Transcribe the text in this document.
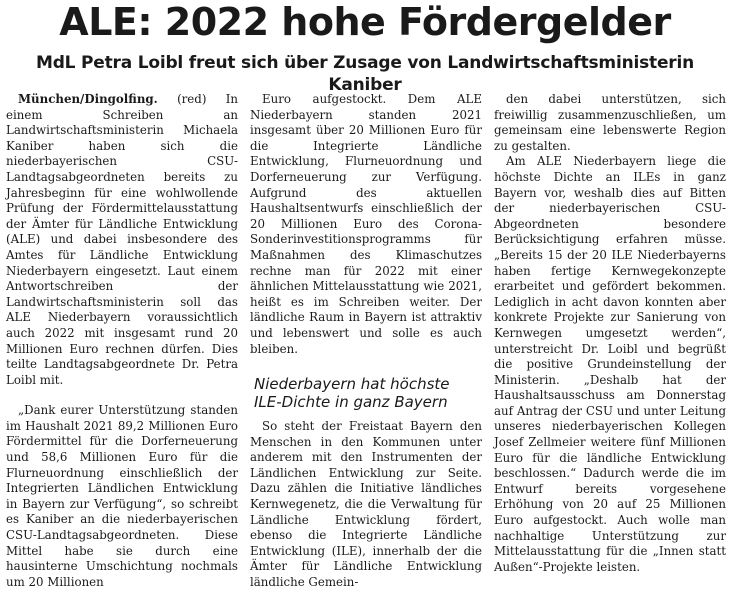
ALE: 2022 hohe Fördergelder
MdL Petra Loibl freut sich über Zusage von Landwirtschaftsministerin Kaniber

München/Dingolfing. (red) In einem Schreiben an Landwirtschaftsministerin Michaela Kaniber haben sich die niederbayerischen CSU-Landtagsabgeordneten bereits zu Jahresbeginn für eine wohlwollende Prüfung der Fördermittelausstattung der Ämter für Ländliche Entwicklung (ALE) und dabei insbesondere des Amtes für Ländliche Entwicklung Niederbayern eingesetzt. Laut einem Antwortschreiben der Landwirtschaftsministerin soll das ALE Niederbayern voraussichtlich auch 2022 mit insgesamt rund 20 Millionen Euro rechnen dürfen. Dies teilte Landtagsabgeordnete Dr. Petra Loibl mit.

„Dank eurer Unterstützung standen im Haushalt 2021 89,2 Millionen Euro Fördermittel für die Dorferneuerung und 58,6 Millionen Euro für die Flurneuordnung einschließlich der Integrierten Ländlichen Entwicklung in Bayern zur Verfügung“, so schreibt es Kaniber an die niederbayerischen CSU-Landtagsabgeordneten. Diese Mittel habe sie durch eine hausinterne Umschichtung nochmals um 20 Millionen

Euro aufgestockt. Dem ALE Niederbayern standen 2021 insgesamt über 20 Millionen Euro für die Integrierte Ländliche Entwicklung, Flurneuordnung und Dorferneuerung zur Verfügung. Aufgrund des aktuellen Haushaltsentwurfs einschließlich der 20 Millionen Euro des Corona-Sonderinvestitionsprogramms für Maßnahmen des Klimaschutzes rechne man für 2022 mit einer ähnlichen Mittelausstattung wie 2021, heißt es im Schreiben weiter. Der ländliche Raum in Bayern ist attraktiv und lebenswert und solle es auch bleiben.

Niederbayern hat höchste
ILE-Dichte in ganz Bayern

So steht der Freistaat Bayern den Menschen in den Kommunen unter anderem mit den Instrumenten der Ländlichen Entwicklung zur Seite. Dazu zählen die Initiative ländliches Kernwegenetz, die die Verwaltung für Ländliche Entwicklung fördert, ebenso die Integrierte Ländliche Entwicklung (ILE), innerhalb der die Ämter für Ländliche Entwicklung ländliche Gemein-

den dabei unterstützen, sich freiwillig zusammenzuschließen, um gemeinsam eine lebenswerte Region zu gestalten.

Am ALE Niederbayern liege die höchste Dichte an ILEs in ganz Bayern vor, weshalb dies auf Bitten der niederbayerischen CSU-Abgeordneten besondere Berücksichtigung erfahren müsse. „Bereits 15 der 20 ILE Niederbayerns haben fertige Kernwegekonzepte erarbeitet und gefördert bekommen. Lediglich in acht davon konnten aber konkrete Projekte zur Sanierung von Kernwegen umgesetzt werden“, unterstreicht Dr. Loibl und begrüßt die positive Grundeinstellung der Ministerin. „Deshalb hat der Haushaltsausschuss am Donnerstag auf Antrag der CSU und unter Leitung unseres niederbayerischen Kollegen Josef Zellmeier weitere fünf Millionen Euro für die ländliche Entwicklung beschlossen.“ Dadurch werde die im Entwurf bereits vorgesehene Erhöhung von 20 auf 25 Millionen Euro aufgestockt. Auch wolle man nachhaltige Unterstützung zur Mittelausstattung für die „Innen statt Außen“-Projekte leisten.
